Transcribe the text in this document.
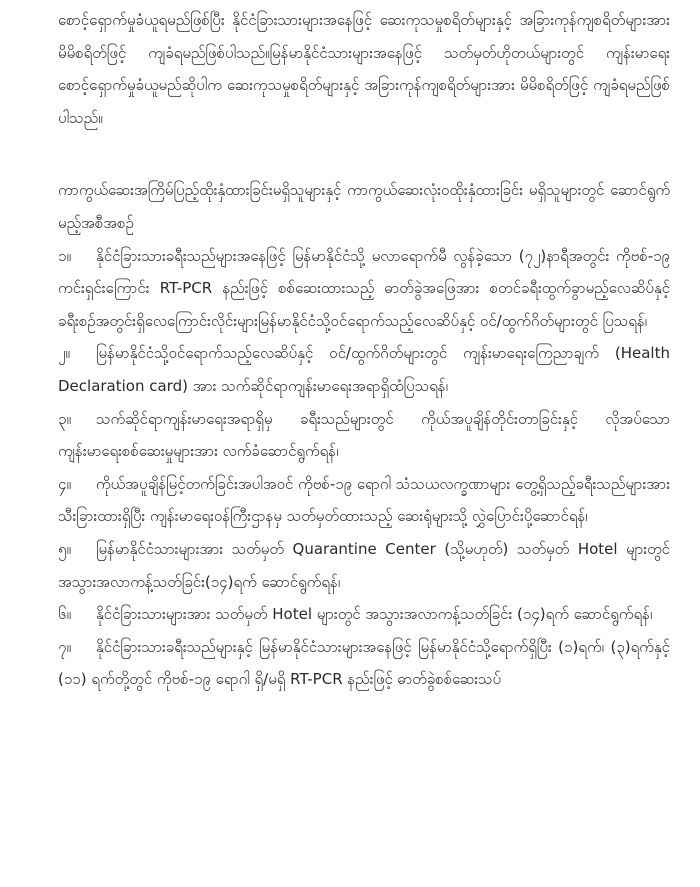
စောင့်ရှောက်မှုခံယူရမည်ဖြစ်ပြီး နိုင်ငံခြားသားများအနေဖြင့် ဆေးကုသမှုစရိတ်များနှင့် အခြားကုန်ကျစရိတ်များအား မိမိစရိတ်ဖြင့် ကျခံရမည်ဖြစ်ပါသည်။မြန်မာနိုင်ငံသားများအနေဖြင့် သတ်မှတ်ဟိုတယ်များတွင် ကျန်းမာရေးစောင့်ရှောက်မှုခံယူမည်ဆိုပါက ဆေးကုသမှုစရိတ်များနှင့် အခြားကုန်ကျစရိတ်များအား မိမိစရိတ်ဖြင့် ကျခံရမည်ဖြစ်ပါသည်။

ကာကွယ်ဆေးအကြိမ်ပြည့်ထိုးနှံထားခြင်းမရှိသူများနှင့် ကာကွယ်ဆေးလုံးဝထိုးနှံထားခြင်း မရှိသူများတွင် ဆောင်ရွက်မည့်အစီအစဉ်

၁။	နိုင်ငံခြားသားခရီးသည်များအနေဖြင့် မြန်မာနိုင်ငံသို့ မလာရောက်မီ လွန်ခဲ့သော (၇၂)နာရီအတွင်း ကိုဗစ်-၁၉ ကင်းရှင်းကြောင်း RT-PCR နည်းဖြင့် စစ်ဆေးထားသည့် ဓာတ်ခွဲအဖြေအား စတင်ခရီးထွက်ခွာမည့်လေဆိပ်နှင့်ခရီးစဉ်အတွင်းရှိလေကြောင်းလိုင်းများမြန်မာနိုင်ငံသို့ဝင်ရောက်သည့်လေဆိပ်နှင့် ဝင်/ထွက်ဂိတ်များတွင် ပြသရန်၊
၂။	မြန်မာနိုင်ငံသို့ဝင်ရောက်သည့်လေဆိပ်နှင့် ဝင်/ထွက်ဂိတ်များတွင် ကျန်းမာရေးကြေညာချက် (Health Declaration card) အား သက်ဆိုင်ရာကျန်းမာရေးအရာရှိထံပြသရန်၊
၃။	သက်ဆိုင်ရာကျန်းမာရေးအရာရှိမှ ခရီးသည်များတွင် ကိုယ်အပူချိန်တိုင်းတာခြင်းနှင့် လိုအပ်သော ကျန်းမာရေးစစ်ဆေးမှုများအား လက်ခံဆောင်ရွက်ရန်၊
၄။	ကိုယ်အပူချိန်မြင့်တက်ခြင်းအပါအဝင် ကိုဗစ်-၁၉ ရောဂါ သံသယလက္ခဏာများ တွေ့ရှိသည့်ခရီးသည်များအား သီးခြားထားရှိပြီး ကျန်းမာရေးဝန်ကြီးဌာနမှ သတ်မှတ်ထားသည့် ဆေးရုံများသို့ လွှဲပြောင်းပို့ဆောင်ရန်၊
၅။	မြန်မာနိုင်ငံသားများအား သတ်မှတ် Quarantine Center (သို့မဟုတ်) သတ်မှတ် Hotel များတွင် အသွားအလာကန့်သတ်ခြင်း(၁၄)ရက် ဆောင်ရွက်ရန်၊
၆။	နိုင်ငံခြားသားများအား သတ်မှတ် Hotel များတွင် အသွားအလာကန့်သတ်ခြင်း (၁၄)ရက် ဆောင်ရွက်ရန်၊
၇။	နိုင်ငံခြားသားခရီးသည်များနှင့် မြန်မာနိုင်ငံသားများအနေဖြင့် မြန်မာနိုင်ငံသို့ရောက်ရှိပြီး (၁)ရက်၊ (၃)ရက်နှင့် (၁၁) ရက်တို့တွင် ကိုဗစ်-၁၉ ရောဂါ ရှိ/မရှိ RT-PCR နည်းဖြင့် ဓာတ်ခွဲစစ်ဆေးသပ်
